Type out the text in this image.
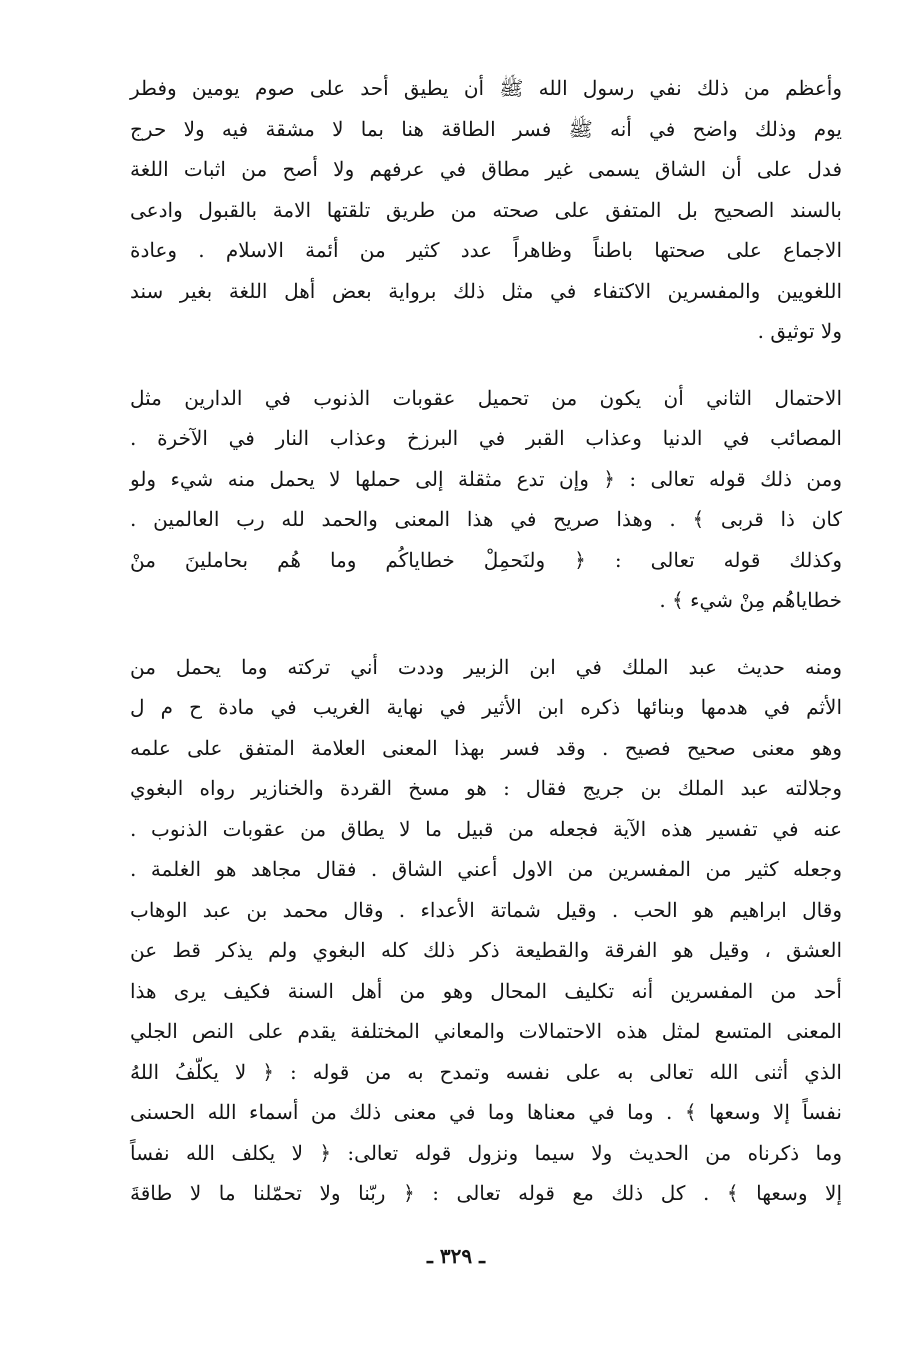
وأعظم من ذلك نفي رسول الله ﷺ أن يطيق أحد على صوم يومين وفطر
يوم وذلك واضح في أنه ﷺ فسر الطاقة هنا بما لا مشقة فيه ولا حرج
فدل على أن الشاق يسمى غير مطاق في عرفهم ولا أصح من اثبات اللغة
بالسند الصحيح بل المتفق على صحته من طريق تلقتها الامة بالقبول وادعى
الاجماع على صحتها باطناً وظاهراً عدد كثير من أئمة الاسلام . وعادة
اللغويين والمفسرين الاكتفاء في مثل ذلك برواية بعض أهل اللغة بغير سند
ولا توثيق .
الاحتمال الثاني أن يكون من تحميل عقوبات الذنوب في الدارين مثل
المصائب في الدنيا وعذاب القبر في البرزخ وعذاب النار في الآخرة .
ومن ذلك قوله تعالى : ﴿ وإن تدع مثقلة إلى حملها لا يحمل منه شيء ولو
كان ذا قربى ﴾ . وهذا صريح في هذا المعنى والحمد لله رب العالمين .
وكذلك قوله تعالى : ﴿ ولنَحمِلْ خطاياكُم وما هُم بحاملينَ منْ
خطاياهُم مِنْ شيء ﴾ .
ومنه حديث عبد الملك في ابن الزبير وددت أني تركته وما يحمل من
الأثم في هدمها وبنائها ذكره ابن الأثير في نهاية الغريب في مادة ح م ل
وهو معنى صحيح فصيح . وقد فسر بهذا المعنى العلامة المتفق على علمه
وجلالته عبد الملك بن جريج فقال : هو مسخ القردة والخنازير رواه البغوي
عنه في تفسير هذه الآية فجعله من قبيل ما لا يطاق من عقوبات الذنوب .
وجعله كثير من المفسرين من الاول أعني الشاق . فقال مجاهد هو الغلمة .
وقال ابراهيم هو الحب . وقيل شماتة الأعداء . وقال محمد بن عبد الوهاب
العشق ، وقيل هو الفرقة والقطيعة ذكر ذلك كله البغوي ولم يذكر قط عن
أحد من المفسرين أنه تكليف المحال وهو من أهل السنة فكيف يرى هذا
المعنى المتسع لمثل هذه الاحتمالات والمعاني المختلفة يقدم على النص الجلي
الذي أثنى الله تعالى به على نفسه وتمدح به من قوله : ﴿ لا يكلّفُ اللهُ
نفساً إلا وسعها ﴾ . وما في معناها وما في معنى ذلك من أسماء الله الحسنى
وما ذكرناه من الحديث ولا سيما ونزول قوله تعالى: ﴿ لا يكلف الله نفساً
إلا وسعها ﴾ . كل ذلك مع قوله تعالى : ﴿ ربّنا ولا تحمّلنا ما لا طاقةَ
ـ ٣٢٩ ـ
